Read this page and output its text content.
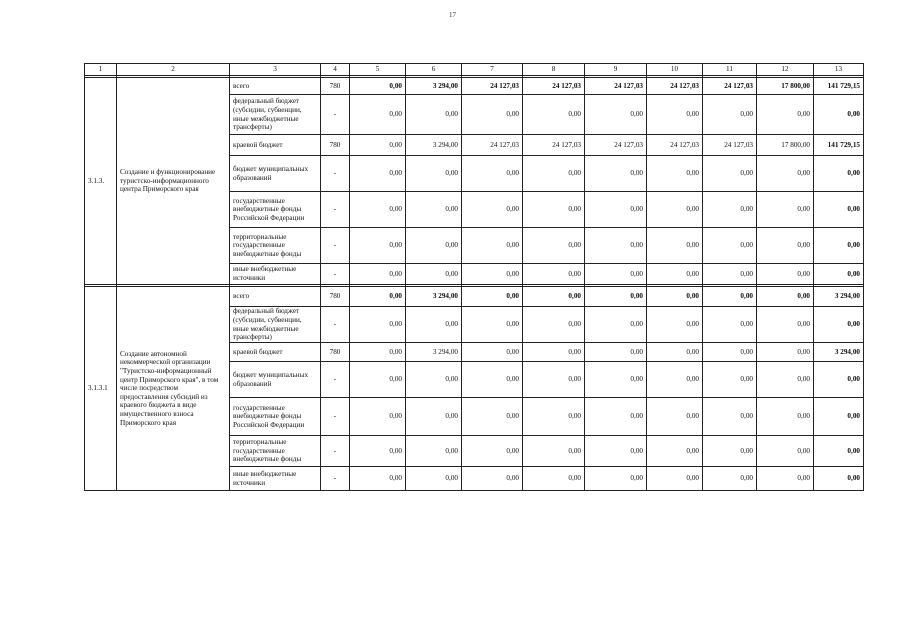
17
1	2	3	4	5	6	7	8	9	10	11	12	13

3.1.3.	Создание и функционирование туристско-информационного центра Приморского края	всего	780	0,00	3 294,00	24 127,03	24 127,03	24 127,03	24 127,03	24 127,03	17 800,00	141 729,15
		федеральный бюджет (субсидии, субвенции, иные межбюджетные трансферты)	-	0,00	0,00	0,00	0,00	0,00	0,00	0,00	0,00	0,00
		краевой бюджет	780	0,00	3 294,00	24 127,03	24 127,03	24 127,03	24 127,03	24 127,03	17 800,00	141 729,15
		бюджет муниципальных образований	-	0,00	0,00	0,00	0,00	0,00	0,00	0,00	0,00	0,00
		государственные внебюджетные фонды Российской Федерации	-	0,00	0,00	0,00	0,00	0,00	0,00	0,00	0,00	0,00
		территориальные государственные внебюджетные фонды	-	0,00	0,00	0,00	0,00	0,00	0,00	0,00	0,00	0,00
		иные внебюджетные источники	-	0,00	0,00	0,00	0,00	0,00	0,00	0,00	0,00	0,00

3.1.3.1	Создание автономной некоммерческой организации "Туристско-информационный центр Приморского края", в том числе посредством предоставления субсидий из краевого бюджета в виде имущественного взноса Приморского края	всего	780	0,00	3 294,00	0,00	0,00	0,00	0,00	0,00	0,00	3 294,00
		федеральный бюджет (субсидии, субвенции, иные межбюджетные трансферты)	-	0,00	0,00	0,00	0,00	0,00	0,00	0,00	0,00	0,00
		краевой бюджет	780	0,00	3 294,00	0,00	0,00	0,00	0,00	0,00	0,00	3 294,00
		бюджет муниципальных образований	-	0,00	0,00	0,00	0,00	0,00	0,00	0,00	0,00	0,00
		государственные внебюджетные фонды Российской Федерации	-	0,00	0,00	0,00	0,00	0,00	0,00	0,00	0,00	0,00
		территориальные государственные внебюджетные фонды	-	0,00	0,00	0,00	0,00	0,00	0,00	0,00	0,00	0,00
		иные внебюджетные источники	-	0,00	0,00	0,00	0,00	0,00	0,00	0,00	0,00	0,00
